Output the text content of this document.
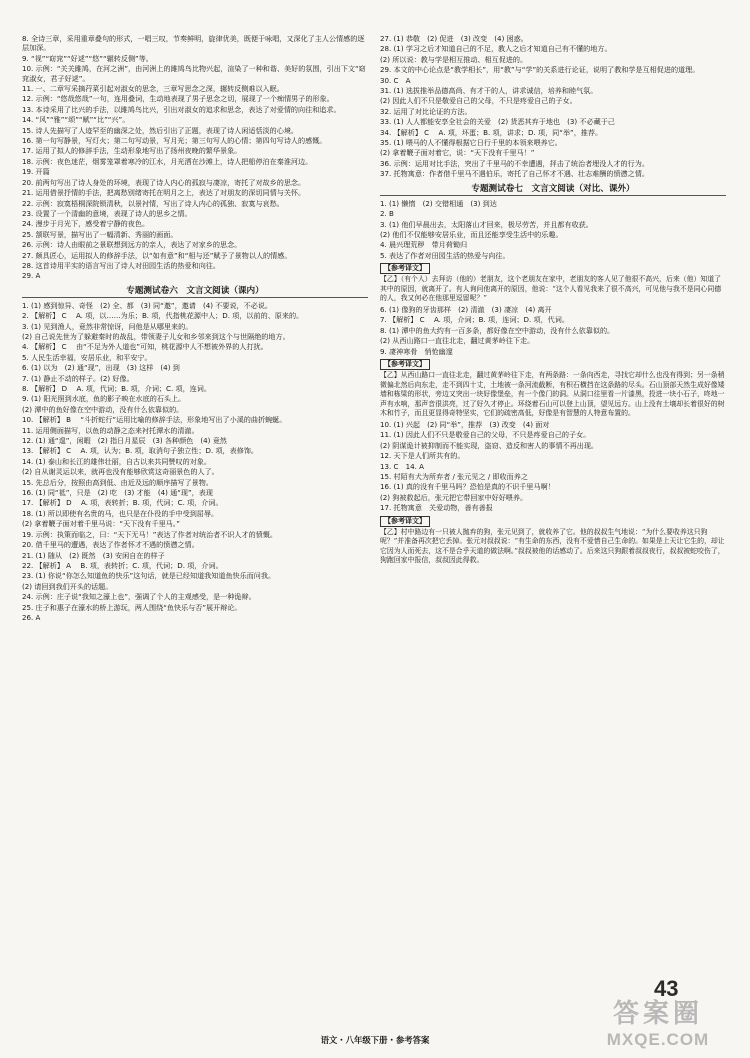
8. 全诗三章，采用重章叠句的形式，一唱三叹，节奏鲜明，旋律优美，既便于咏唱，又深化了主人公情感的逐层加深。

9. “视”“窈窕”“好逑”“悠”“辗转反侧”等。

10. 示例：“关关雎鸠，在河之洲”，由河洲上的雎鸠鸟比物兴起，渲染了一种和谐、美好的氛围，引出下文“窈窕淑女，君子好逑”。

11. 一、二章写采摘荇菜引起对淑女的思念，三章写思念之深，辗转反侧难以入眠。

12. 示例：“悠哉悠哉”一句，连用叠词，生动地表现了男子思念之切，展现了一个痴情男子的形象。

13. 本诗采用了比兴的手法，以雎鸠鸟比兴，引出对淑女的追求和思念，表达了对爱情的向往和追求。

14. “风”“雅”“颂”“赋”“比”“兴”。

15. 诗人先描写了人迹罕至的幽深之处，然后引出了正题，表现了诗人闲适恬淡的心境。

16. 第一句写静景，写灯火；第二句写动景，写月光；第三句写人的心情；第四句写诗人的感慨。

17. 运用了拟人的修辞手法，生动形象地写出了扬州夜晚的繁华景象。

18. 示例：夜色迷茫，烟雾笼罩着寒冷的江水，月光洒在沙滩上，诗人把船停泊在秦淮河边。

19. 开篇

20. 前两句写出了诗人身处的环境，表现了诗人内心的孤寂与凄凉，寄托了对故乡的思念。

21. 运用借景抒情的手法，把离愁别绪寄托在明月之上，表达了对朋友的深切同情与关怀。

22. 示例：寂寞梧桐深院锁清秋，以景衬情，写出了诗人内心的孤独、寂寞与哀愁。

23. 设置了一个清幽的意境，表现了诗人的思乡之情。

24. 漫步于月光下，感受着宁静的夜色。

25. 颔联写景，描写出了一幅清新、秀丽的画面。

26. 示例：诗人由眼前之景联想到远方的亲人，表达了对家乡的思念。

27. 颇具匠心，运用拟人的修辞手法，以“如有意”和“相与还”赋予了景物以人的情感。

28. 这首诗用平实的语言写出了诗人对田园生活的热爱和向往。

29. A

专题测试卷六　文言文阅读（课内）

1. (1) 感到惊异、奇怪　(2) 全、都　(3) 同“邀”，邀请　(4) 不要说，不必说。

2. 【解析】 C 　A. 项，以……为乐；B. 项，代指桃花源中人；D. 项，以前的、原来的。

3. (1) 见到渔人，竟然非常惊讶，问他是从哪里来的。

(2) 自己说先世为了躲避秦时的战乱，带领妻子儿女和乡邻来到这个与世隔绝的地方。

4. 【解析】 C 　由“不足为外人道也”可知，桃花源中人不想被外界的人打扰。

5. 人民生活幸福，安居乐业，和平安宁。

6. (1) 以为　(2) 通“现”，出现　(3) 这样　(4) 到

7. (1) 静止不动的样子。(2) 好像。

8. 【解析】 D 　A. 项，代词；B. 项，介词；C. 项，连词。

9. (1) 阳光照到水底，鱼的影子映在水底的石头上。

(2) 潭中的鱼好像在空中游动，没有什么依靠似的。

10. 【解析】 B 　“斗折蛇行”运用比喻的修辞手法，形象地写出了小溪的曲折蜿蜒。

11. 运用侧面描写，以鱼的动静之态来衬托潭水的清澈。

12. (1) 通“遑”，闲暇　(2) 指日月星辰　(3) 各种颜色　(4) 竟然

13. 【解析】 C 　A. 项，认为；B. 项，取消句子独立性；D. 项，表修饰。

14. (1) 泰山和长江的雄伟壮丽，自古以来共同赞叹的对象。

(2) 自从谢灵运以来，就再也没有能够欣赏这奇丽景色的人了。

15. 先总后分，按照由高到低、由近及远的顺序描写了景物。

16. (1) 同“祗”，只是　(2) 吃　(3) 才能　(4) 通“现”，表现

17. 【解析】 D 　A. 项，表转折；B. 项，代词；C. 项，介词。

18. (1) 所以即使有名贵的马，也只是在仆役的手中受到屈辱。

(2) 拿着鞭子面对着千里马说：“天下没有千里马。”

19. 示例：执策而临之，曰：“天下无马！”表达了作者对统治者不识人才的愤慨。

20. 借千里马的遭遇，表达了作者怀才不遇的愤懑之情。

21. (1) 随从　(2) 既然　(3) 安闲自在的样子

22. 【解析】 A 　B. 项，表转折；C. 项，代词；D. 项，介词。

23. (1) 你说“你怎么知道鱼的快乐”这句话，就是已经知道我知道鱼快乐而问我。

(2) 请回到我们开头的话题。

24. 示例：庄子说“我知之濠上也”，强调了个人的主观感受，是一种诡辩。

25. 庄子和惠子在濠水的桥上游玩，两人围绕“鱼快乐与否”展开辩论。

26. A

27. (1) 恭敬　(2) 促进　(3) 改变　(4) 困惑。

28. (1) 学习之后才知道自己的不足，教人之后才知道自己有不懂的地方。

(2) 所以说：教与学是相互推动、相互促进的。

29. 本文的中心论点是“教学相长”，用“教”与“学”的关系进行论证，说明了教和学是互相促进的道理。

30. C　A

31. (1) 选拔推举品德高尚、有才干的人，讲求诚信，培养和睦气氛。

(2) 因此人们不只是敬爱自己的父母，不只是疼爱自己的子女。

32. 运用了对比论证的方法。

33. (1) 人人都能安享全社会的关爱　(2) 货恶其弃于地也　(3) 不必藏于己

34. 【解析】 C 　A. 项，坏蛋；B. 项，讲求；D. 项，同“举”，推荐。

35. (1) 喂马的人不懂得根据它日行千里的本领来喂养它。

(2) 拿着鞭子面对着它，说：“天下没有千里马！”

36. 示例：运用对比手法，突出了千里马的不幸遭遇，抨击了统治者埋没人才的行为。

37. 托物寓意：作者借千里马不遇伯乐，寄托了自己怀才不遇、壮志难酬的愤懑之情。

专题测试卷七　文言文阅读（对比、课外）

1. (1) 懒惰　(2) 交错相通　(3) 到达

2. B

3. (1) 他们早晨出去，太阳落山才回来，极尽劳苦，并且都有收获。

(2) 他们不仅能够安居乐业，而且还能享受生活中的乐趣。

4. 晨兴理荒秽　带月荷锄归

5. 表达了作者对田园生活的热爱与向往。

【参考译文】

【乙】（有个人）去拜访（他的）老朋友，这个老朋友在家中，老朋友的客人见了他很不高兴，后来（他）知道了其中的原因，就离开了。有人询问他离开的原因，他说：“这个人看见我来了很不高兴，可见他与我不是同心同德的人，我又何必在他那里逗留呢？”

6. (1) 像狗的牙齿那样　(2) 清澈　(3) 凄凉　(4) 离开

7. 【解析】 C 　A. 项，介词；B. 项，连词；D. 项，代词。

8. (1) 潭中的鱼大约有一百多条，都好像在空中游动，没有什么依靠似的。

(2) 从西山路口一直往北走，翻过黄茅岭往下走。

9. 凄神寒骨　悄怆幽邃

【参考译文】

【乙】从西山路口一直往北走，翻过黄茅岭往下走，有两条路：一条向西走，寻找它却什么也没有得到；另一条稍微偏北然后向东走，走不到四十丈，土地被一条河流截断，有积石横挡在这条路的尽头。石山顶部天然生成好像矮墙和栋梁的形状，旁边又突出一块好像堡垒，有一个像门的洞。从洞口往里看一片漆黑，投进一块小石子，咚地一声有水响，那声音很洪亮，过了好久才停止。环绕着石山可以登上山顶，望见远方。山上没有土壤却长着很好的树木和竹子，而且更显得奇特坚实，它们的疏密高低，好像是有智慧的人特意布置的。

10. (1) 兴起　(2) 同“举”，推荐　(3) 改变　(4) 面对

11. (1) 因此人们不只是敬爱自己的父母，不只是疼爱自己的子女。

(2) 阴谋诡计被抑制而不能实现，盗窃、造反和害人的事情不再出现。

12. 天下是人们所共有的。

13. C　14. A

15. 村陌有犬为所弃者 / 张元见之 / 即收而养之

16. (1) 真的没有千里马吗？恐怕是真的不识千里马啊！

(2) 狗被救起后，张元把它带回家中好好喂养。

17. 托物寓意　关爱动物，善有善报

【参考译文】

【乙】村中路边有一只被人抛弃的狗，张元见到了，就收养了它。他的叔叔生气地说：“为什么要收养这只狗呢？”并准备再次把它丢掉。张元对叔叔说：“有生命的东西，没有不爱惜自己生命的。如果是上天让它生的，却让它因为人而死去，这不是合乎天道的做法啊。”叔叔被他的话感动了。后来这只狗跟着叔叔夜行，叔叔被蛇咬伤了，狗跑回家中报信，叔叔因此得救。

43
答案圈
MXQE.COM
语文・八年级下册・参考答案
